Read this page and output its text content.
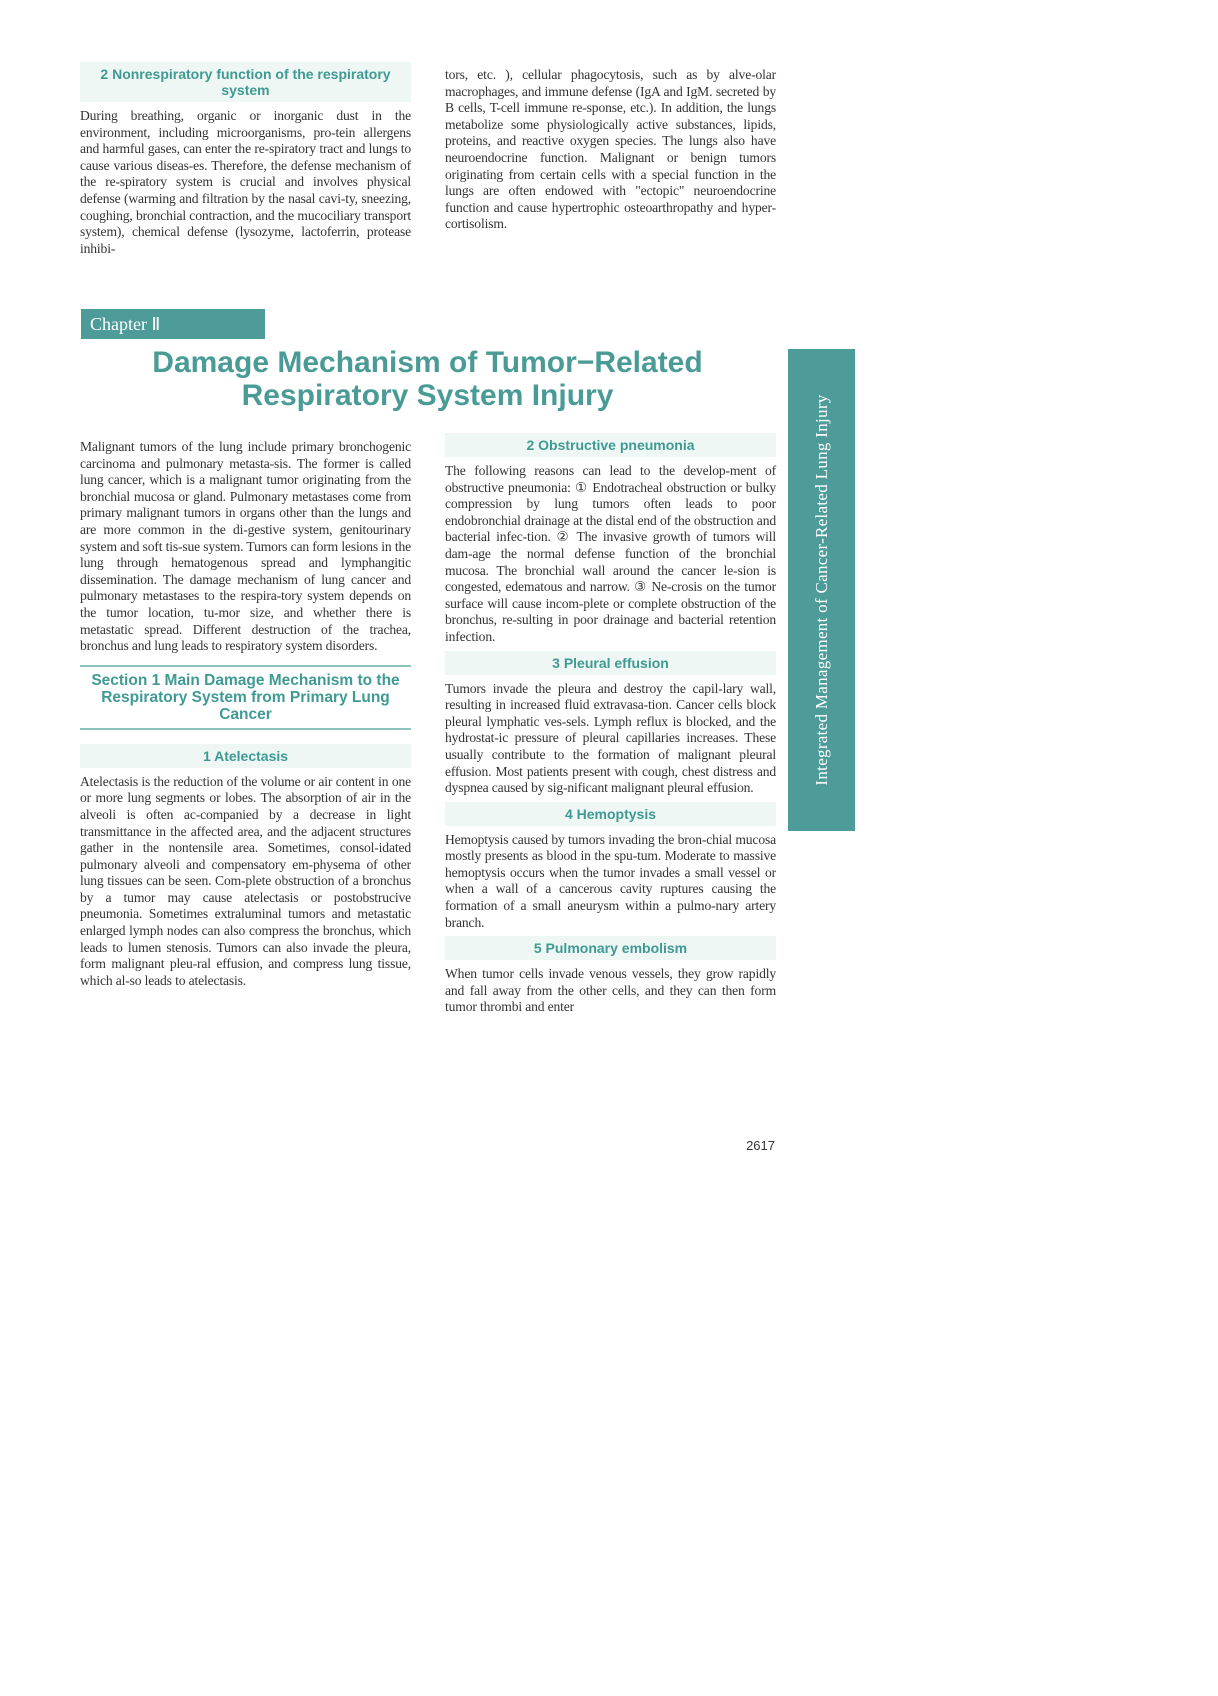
2 Nonrespiratory function of the respiratory system

During breathing, organic or inorganic dust in the environment, including microorganisms, pro-tein allergens and harmful gases, can enter the re-spiratory tract and lungs to cause various diseas-es. Therefore, the defense mechanism of the re-spiratory system is crucial and involves physical defense (warming and filtration by the nasal cavi-ty, sneezing, coughing, bronchial contraction, and the mucociliary transport system), chemical defense (lysozyme, lactoferrin, protease inhibi-

tors, etc. ), cellular phagocytosis, such as by alve-olar macrophages, and immune defense (IgA and IgM. secreted by B cells, T-cell immune re-sponse, etc.). In addition, the lungs metabolize some physiologically active substances, lipids, proteins, and reactive oxygen species. The lungs also have neuroendocrine function. Malignant or benign tumors originating from certain cells with a special function in the lungs are often endowed with "ectopic" neuroendocrine function and cause hypertrophic osteoarthropathy and hyper-cortisolism.

Chapter Ⅱ
Damage Mechanism of Tumor−Related Respiratory System Injury

Malignant tumors of the lung include primary bronchogenic carcinoma and pulmonary metasta-sis. The former is called lung cancer, which is a malignant tumor originating from the bronchial mucosa or gland. Pulmonary metastases come from primary malignant tumors in organs other than the lungs and are more common in the di-gestive system, genitourinary system and soft tis-sue system. Tumors can form lesions in the lung through hematogenous spread and lymphangitic dissemination. The damage mechanism of lung cancer and pulmonary metastases to the respira-tory system depends on the tumor location, tu-mor size, and whether there is metastatic spread. Different destruction of the trachea, bronchus and lung leads to respiratory system disorders.

Section 1 Main Damage Mechanism to the Respiratory System from Primary Lung Cancer
1 Atelectasis

Atelectasis is the reduction of the volume or air content in one or more lung segments or lobes. The absorption of air in the alveoli is often ac-companied by a decrease in light transmittance in the affected area, and the adjacent structures gather in the nontensile area. Sometimes, consol-idated pulmonary alveoli and compensatory em-physema of other lung tissues can be seen. Com-plete obstruction of a bronchus by a tumor may cause atelectasis or postobstrucive pneumonia. Sometimes extraluminal tumors and metastatic enlarged lymph nodes can also compress the bronchus, which leads to lumen stenosis. Tumors can also invade the pleura, form malignant pleu-ral effusion, and compress lung tissue, which al-so leads to atelectasis.

2 Obstructive pneumonia

The following reasons can lead to the develop-ment of obstructive pneumonia: ① Endotracheal obstruction or bulky compression by lung tumors often leads to poor endobronchial drainage at the distal end of the obstruction and bacterial infec-tion. ② The invasive growth of tumors will dam-age the normal defense function of the bronchial mucosa. The bronchial wall around the cancer le-sion is congested, edematous and narrow. ③ Ne-crosis on the tumor surface will cause incom-plete or complete obstruction of the bronchus, re-sulting in poor drainage and bacterial retention infection.

3 Pleural effusion

Tumors invade the pleura and destroy the capil-lary wall, resulting in increased fluid extravasa-tion. Cancer cells block pleural lymphatic ves-sels. Lymph reflux is blocked, and the hydrostat-ic pressure of pleural capillaries increases. These usually contribute to the formation of malignant pleural effusion. Most patients present with cough, chest distress and dyspnea caused by sig-nificant malignant pleural effusion.

4 Hemoptysis

Hemoptysis caused by tumors invading the bron-chial mucosa mostly presents as blood in the spu-tum. Moderate to massive hemoptysis occurs when the tumor invades a small vessel or when a wall of a cancerous cavity ruptures causing the formation of a small aneurysm within a pulmo-nary artery branch.

5 Pulmonary embolism

When tumor cells invade venous vessels, they grow rapidly and fall away from the other cells, and they can then form tumor thrombi and enter

Integrated Management of Cancer-Related Lung Injury
2617
